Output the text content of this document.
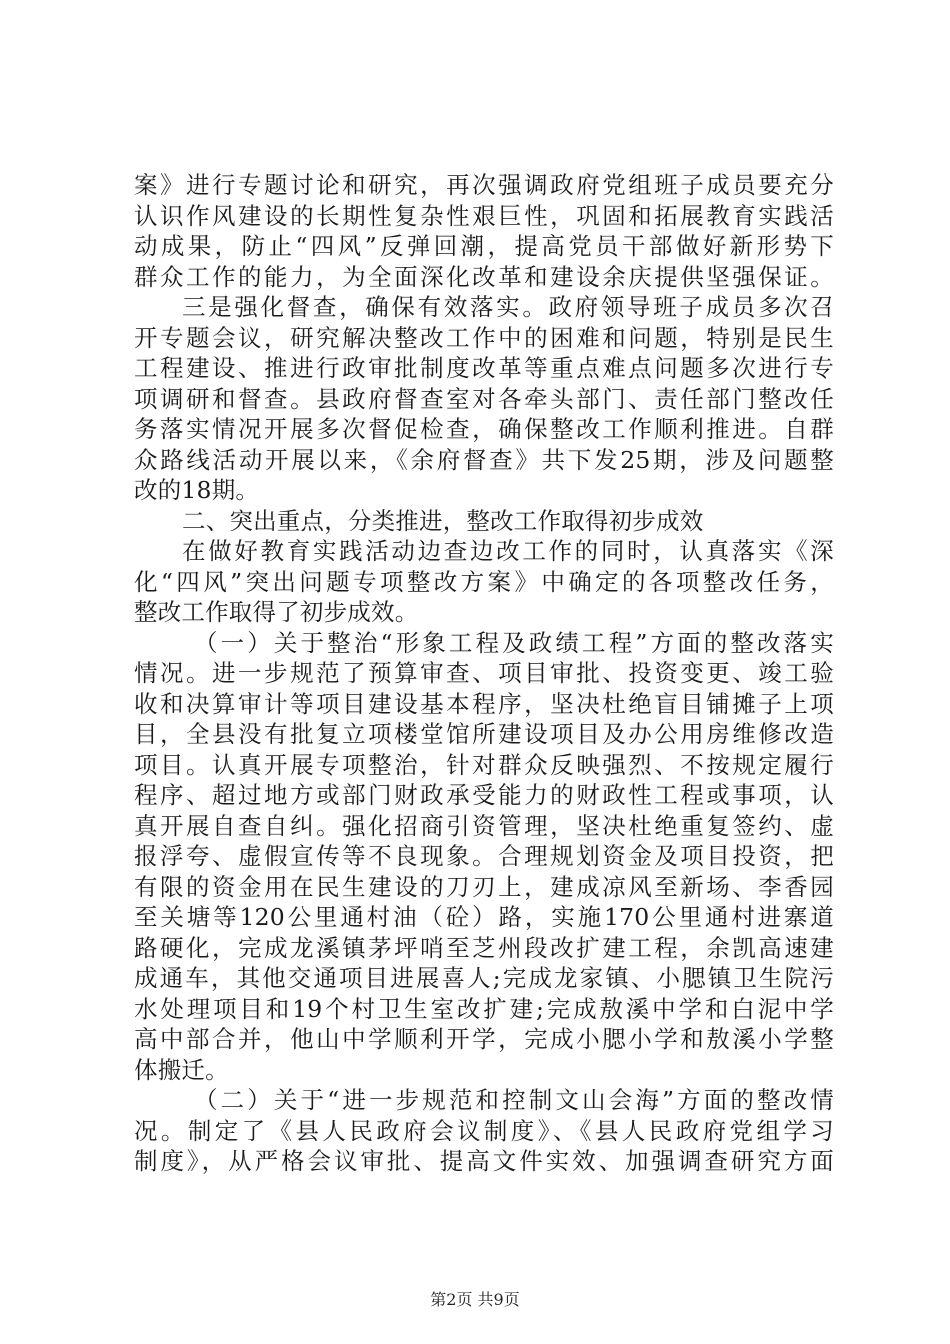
案》进行专题讨论和研究，再次强调政府党组班子成员要充分
认识作风建设的长期性复杂性艰巨性，巩固和拓展教育实践活
动成果，防止“四风”反弹回潮，提高党员干部做好新形势下
群众工作的能力，为全面深化改革和建设余庆提供坚强保证。
三是强化督查，确保有效落实。政府领导班子成员多次召
开专题会议，研究解决整改工作中的困难和问题，特别是民生
工程建设、推进行政审批制度改革等重点难点问题多次进行专
项调研和督查。县政府督查室对各牵头部门、责任部门整改任
务落实情况开展多次督促检查，确保整改工作顺利推进。自群
众路线活动开展以来，《余府督查》共下发25期，涉及问题整
改的18期。
二、突出重点，分类推进，整改工作取得初步成效
在做好教育实践活动边查边改工作的同时，认真落实《深
化“四风”突出问题专项整改方案》中确定的各项整改任务，
整改工作取得了初步成效。
（一）关于整治“形象工程及政绩工程”方面的整改落实
情况。进一步规范了预算审查、项目审批、投资变更、竣工验
收和决算审计等项目建设基本程序，坚决杜绝盲目铺摊子上项
目，全县没有批复立项楼堂馆所建设项目及办公用房维修改造
项目。认真开展专项整治，针对群众反映强烈、不按规定履行
程序、超过地方或部门财政承受能力的财政性工程或事项，认
真开展自查自纠。强化招商引资管理，坚决杜绝重复签约、虚
报浮夸、虚假宣传等不良现象。合理规划资金及项目投资，把
有限的资金用在民生建设的刀刃上，建成凉风至新场、李香园
至关塘等120公里通村油（砼）路，实施170公里通村进寨道
路硬化，完成龙溪镇茅坪哨至芝州段改扩建工程，余凯高速建
成通车，其他交通项目进展喜人;完成龙家镇、小腮镇卫生院污
水处理项目和19个村卫生室改扩建;完成敖溪中学和白泥中学
高中部合并，他山中学顺利开学，完成小腮小学和敖溪小学整
体搬迁。
（二）关于“进一步规范和控制文山会海”方面的整改情
况。制定了《县人民政府会议制度》、《县人民政府党组学习
制度》，从严格会议审批、提高文件实效、加强调查研究方面
第2页 共9页
